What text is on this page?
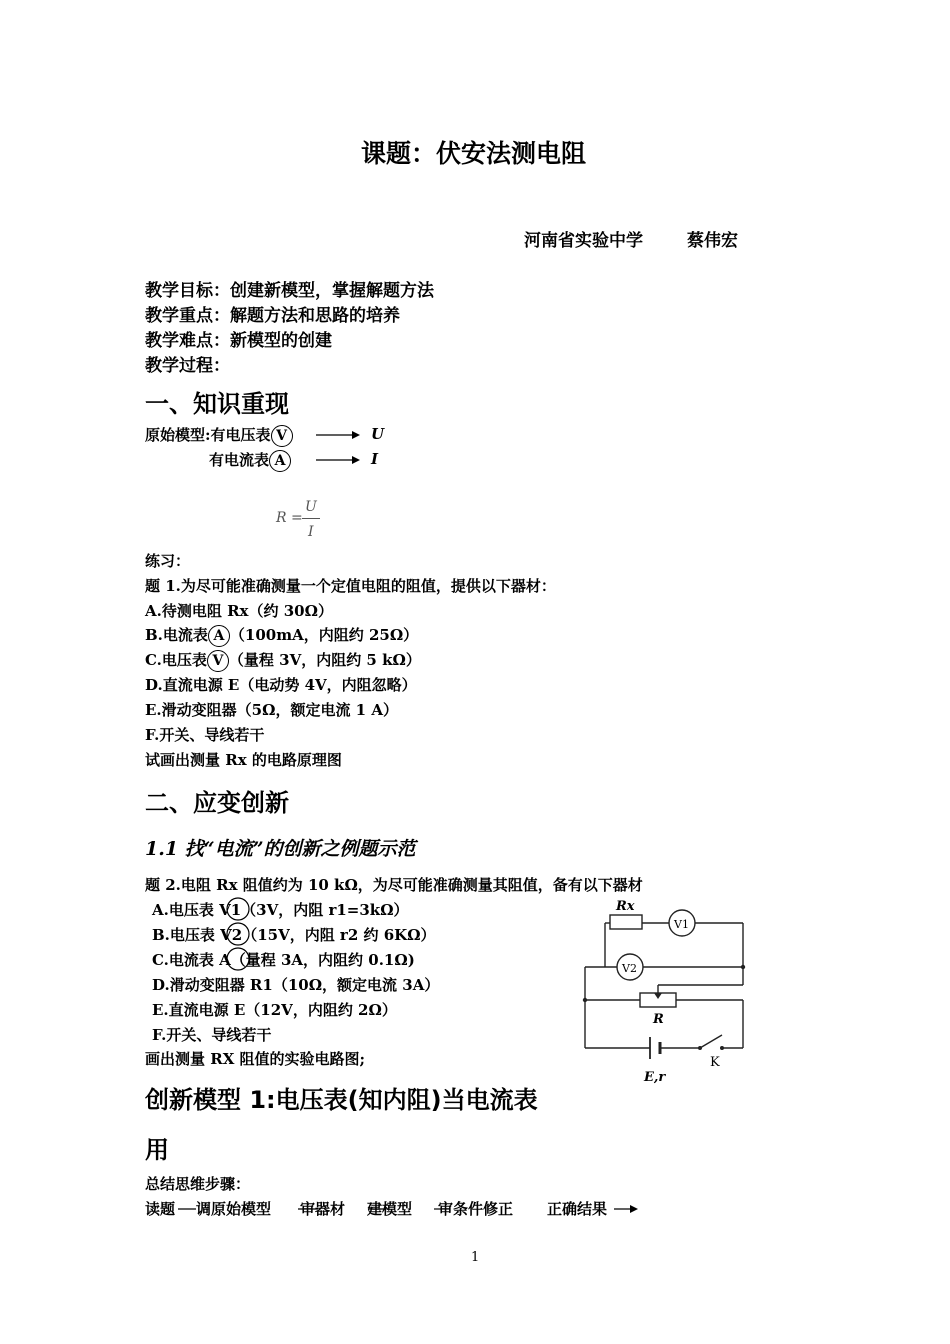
课题：伏安法测电阻
河南省实验中学	蔡伟宏
教学目标：创建新模型，掌握解题方法
教学重点：解题方法和思路的培养
教学难点：新模型的创建
教学过程：
一、知识重现
原始模型:有电压表 V	U
有电流表 A	I
R =
U
I
练习：
题 1.为尽可能准确测量一个定值电阻的阻值，提供以下器材：
A.待测电阻 Rx（约 30Ω）
B.电流表 A （100mA，内阻约 25Ω）
C.电压表 V （量程 3V，内阻约 5 kΩ）
D.直流电源 E（电动势 4V，内阻忽略）
E.滑动变阻器（5Ω，额定电流 1 A）
F.开关、导线若干
试画出测量 Rx 的电路原理图
二、应变创新
1.1 找“电流”的创新之例题示范
题 2.电阻 Rx 阻值约为 10 kΩ，为尽可能准确测量其阻值，备有以下器材
A.电压表 V1（3V，内阻 r1=3kΩ）
B.电压表 V2（15V，内阻 r2 约 6KΩ）
C.电流表 A（量程 3A，内阻约 0.1Ω)
D.滑动变阻器 R1（10Ω，额定电流 3A）
E.直流电源 E（12V，内阻约 2Ω）
F.开关、导线若干
画出测量 RX 阻值的实验电路图;
Rx
V1
V2
R
K
E,r
创新模型 1:电压表(知内阻)当电流表
用
总结思维步骤：
读题 调原始模型 审器材 建模型 审条件修正 正确结果
1
